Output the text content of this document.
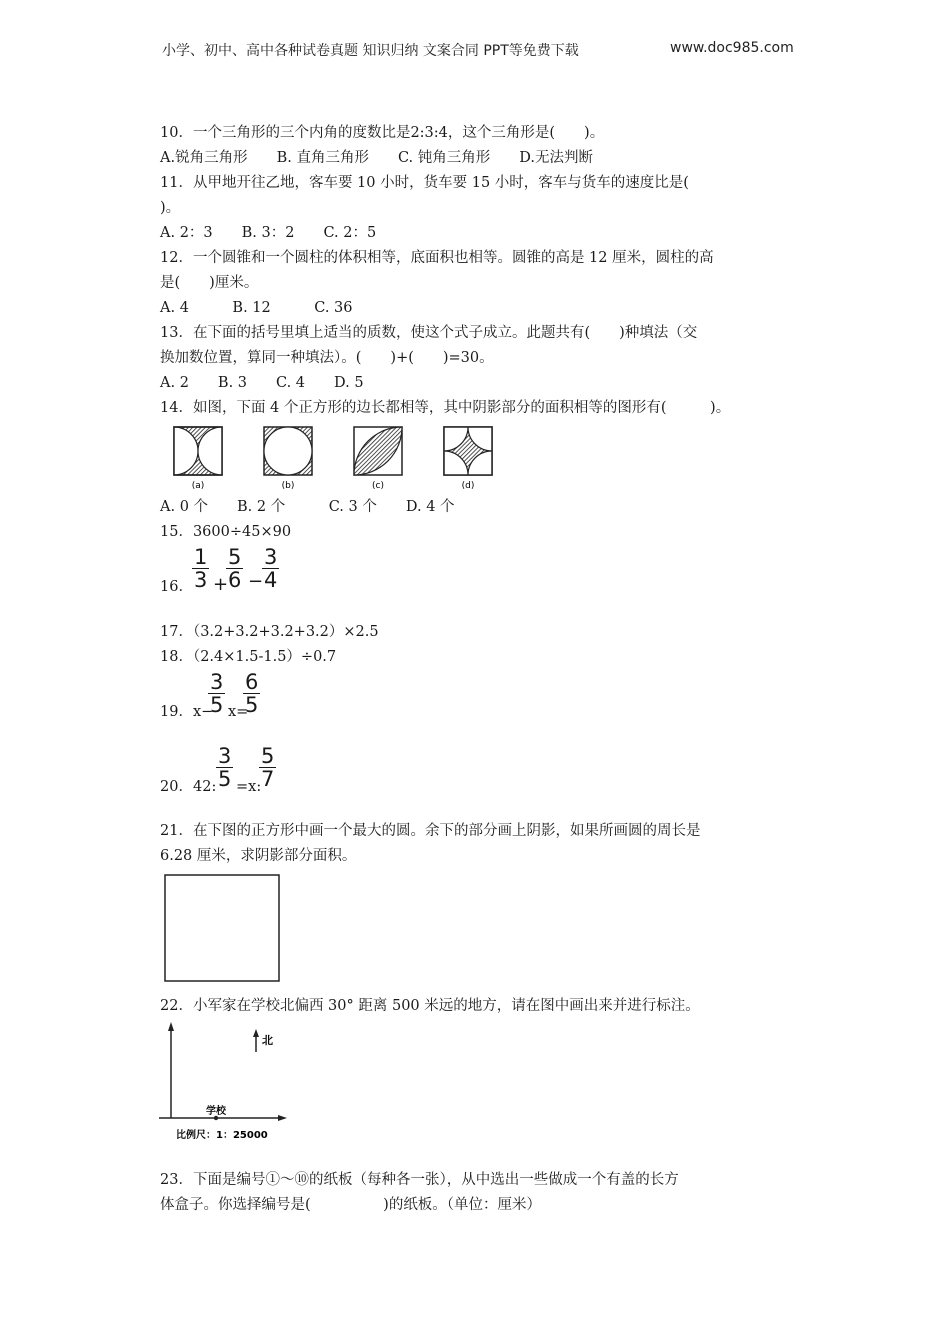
小学、初中、高中各种试卷真题 知识归纳 文案合同 PPT等免费下载	www.doc985.com
10．一个三角形的三个内角的度数比是2:3:4，这个三角形是(　　)。
A.锐角三角形　　B. 直角三角形　　C. 钝角三角形　　D.无法判断
11．从甲地开往乙地，客车要 10 小时，货车要 15 小时，客车与货车的速度比是(
)。
A. 2：3　　B. 3：2　　C. 2：5
12．一个圆锥和一个圆柱的体积相等，底面积也相等。圆锥的高是 12 厘米，圆柱的高
是(　　)厘米。
A. 4　　　B. 12　　　C. 36
13．在下面的括号里填上适当的质数，使这个式子成立。此题共有(　　)种填法（交
换加数位置，算同一种填法）。(　　)+(　　)=30。
A. 2　　B. 3　　C. 4　　D. 5
14．如图，下面 4 个正方形的边长都相等，其中阴影部分的面积相等的图形有(　　　)。
(a)	(b)	(c)	(d)
A. 0 个　　B. 2 个　　　C. 3 个　　D. 4 个
15．3600÷45×90
16． $\frac{1}{3}$ +
$\frac{5}{6}$ −
$\frac{3}{4}$
17．（3.2+3.2+3.2+3.2）×2.5
18．（2.4×1.5-1.5）÷0.7
19． x−
$\frac{3}{5} x=$
$\frac{6}{5}$
20． 42: $\frac{3}{5} =x$:
$\frac{5}{7}$
21．在下图的正方形中画一个最大的圆。余下的部分画上阴影，如果所画圆的周长是
6.28 厘米，求阴影部分面积。
22．小军家在学校北偏西 30° 距离 500 米远的地方，请在图中画出来并进行标注。
北
学校
比例尺：1：25000
23．下面是编号①～⑩的纸板（每种各一张），从中选出一些做成一个有盖的长方
体盒子。你选择编号是(　　　　　)的纸板。（单位：厘米）
